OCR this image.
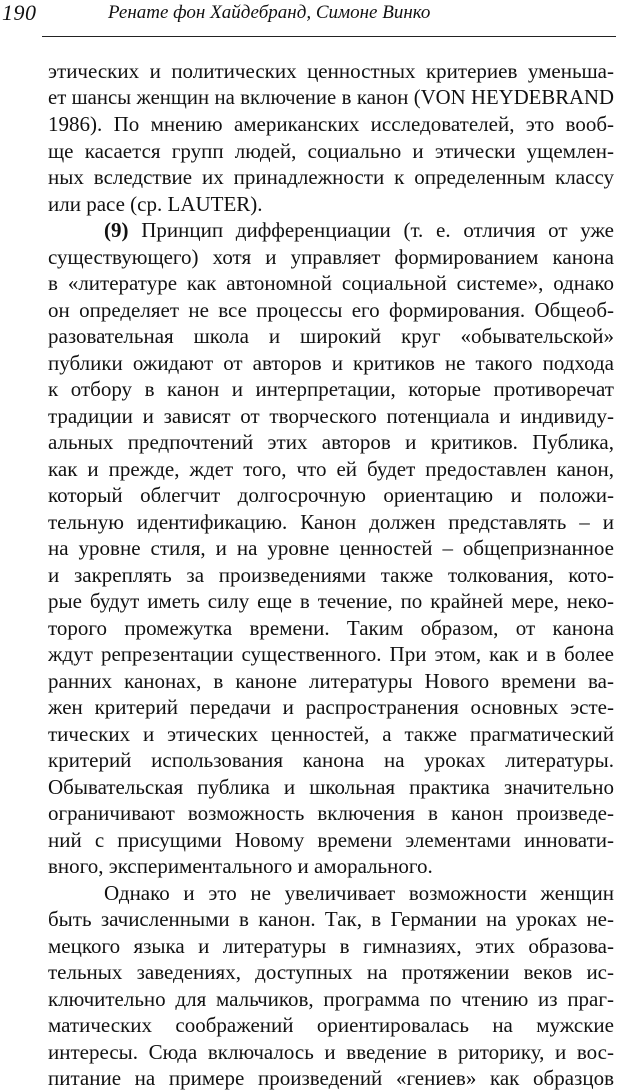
190	Ренате фон Хайдебранд, Симоне Винко
этических и политических ценностных критериев уменьша-
ет шансы женщин на включение в канон (VON HEYDEBRAND
1986). По мнению американских исследователей, это вооб-
ще касается групп людей, социально и этически ущемлен-
ных вследствие их принадлежности к определенным классу
или расе (ср. LAUTER).
(9) Принцип дифференциации (т. е. отличия от уже
существующего) хотя и управляет формированием канона
в «литературе как автономной социальной системе», однако
он определяет не все процессы его формирования. Общеоб-
разовательная школа и широкий круг «обывательской»
публики ожидают от авторов и критиков не такого подхода
к отбору в канон и интерпретации, которые противоречат
традиции и зависят от творческого потенциала и индивиду-
альных предпочтений этих авторов и критиков. Публика,
как и прежде, ждет того, что ей будет предоставлен канон,
который облегчит долгосрочную ориентацию и положи-
тельную идентификацию. Канон должен представлять – и
на уровне стиля, и на уровне ценностей – общепризнанное
и закреплять за произведениями также толкования, кото-
рые будут иметь силу еще в течение, по крайней мере, неко-
торого промежутка времени. Таким образом, от канона
ждут репрезентации существенного. При этом, как и в более
ранних канонах, в каноне литературы Нового времени ва-
жен критерий передачи и распространения основных эсте-
тических и этических ценностей, а также прагматический
критерий использования канона на уроках литературы.
Обывательская публика и школьная практика значительно
ограничивают возможность включения в канон произведе-
ний с присущими Новому времени элементами инновати-
вного, экспериментального и аморального.
Однако и это не увеличивает возможности женщин
быть зачисленными в канон. Так, в Германии на уроках не-
мецкого языка и литературы в гимназиях, этих образова-
тельных заведениях, доступных на протяжении веков ис-
ключительно для мальчиков, программа по чтению из праг-
матических соображений ориентировалась на мужские
интересы. Сюда включалось и введение в риторику, и вос-
питание на примере произведений «гениев» как образцов
